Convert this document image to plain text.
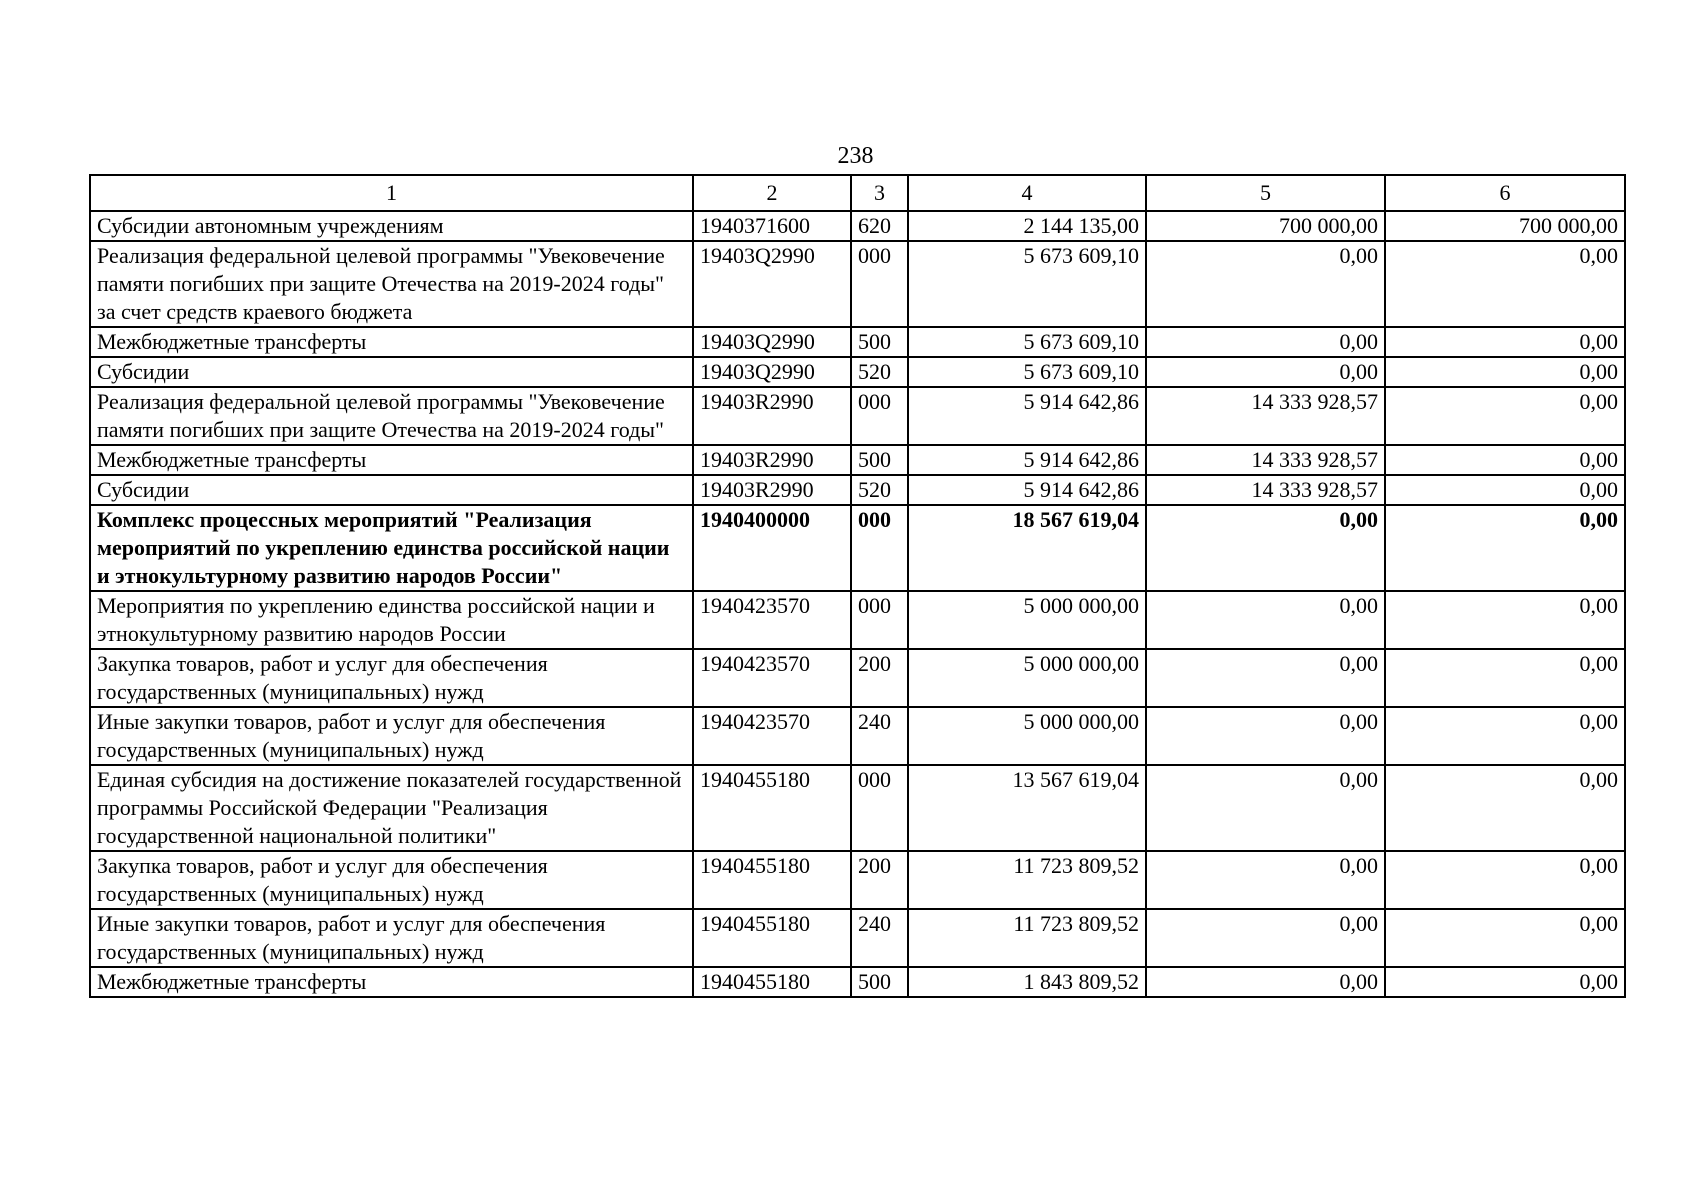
238
1	2	3	4	5	6
Субсидии автономным учреждениям	1940371600	620	2 144 135,00	700 000,00	700 000,00
Реализация федеральной целевой программы "Увековечение памяти погибших при защите Отечества на 2019-2024 годы" за счет средств краевого бюджета	19403Q2990	000	5 673 609,10	0,00	0,00
Межбюджетные трансферты	19403Q2990	500	5 673 609,10	0,00	0,00
Субсидии	19403Q2990	520	5 673 609,10	0,00	0,00
Реализация федеральной целевой программы "Увековечение памяти погибших при защите Отечества на 2019-2024 годы"	19403R2990	000	5 914 642,86	14 333 928,57	0,00
Межбюджетные трансферты	19403R2990	500	5 914 642,86	14 333 928,57	0,00
Субсидии	19403R2990	520	5 914 642,86	14 333 928,57	0,00
Комплекс процессных мероприятий "Реализация мероприятий по укреплению единства российской нации и этнокультурному развитию народов России"	1940400000	000	18 567 619,04	0,00	0,00
Мероприятия по укреплению единства российской нации и этнокультурному развитию народов России	1940423570	000	5 000 000,00	0,00	0,00
Закупка товаров, работ и услуг для обеспечения государственных (муниципальных) нужд	1940423570	200	5 000 000,00	0,00	0,00
Иные закупки товаров, работ и услуг для обеспечения государственных (муниципальных) нужд	1940423570	240	5 000 000,00	0,00	0,00
Единая субсидия на достижение показателей государственной программы Российской Федерации "Реализация государственной национальной политики"	1940455180	000	13 567 619,04	0,00	0,00
Закупка товаров, работ и услуг для обеспечения государственных (муниципальных) нужд	1940455180	200	11 723 809,52	0,00	0,00
Иные закупки товаров, работ и услуг для обеспечения государственных (муниципальных) нужд	1940455180	240	11 723 809,52	0,00	0,00
Межбюджетные трансферты	1940455180	500	1 843 809,52	0,00	0,00
